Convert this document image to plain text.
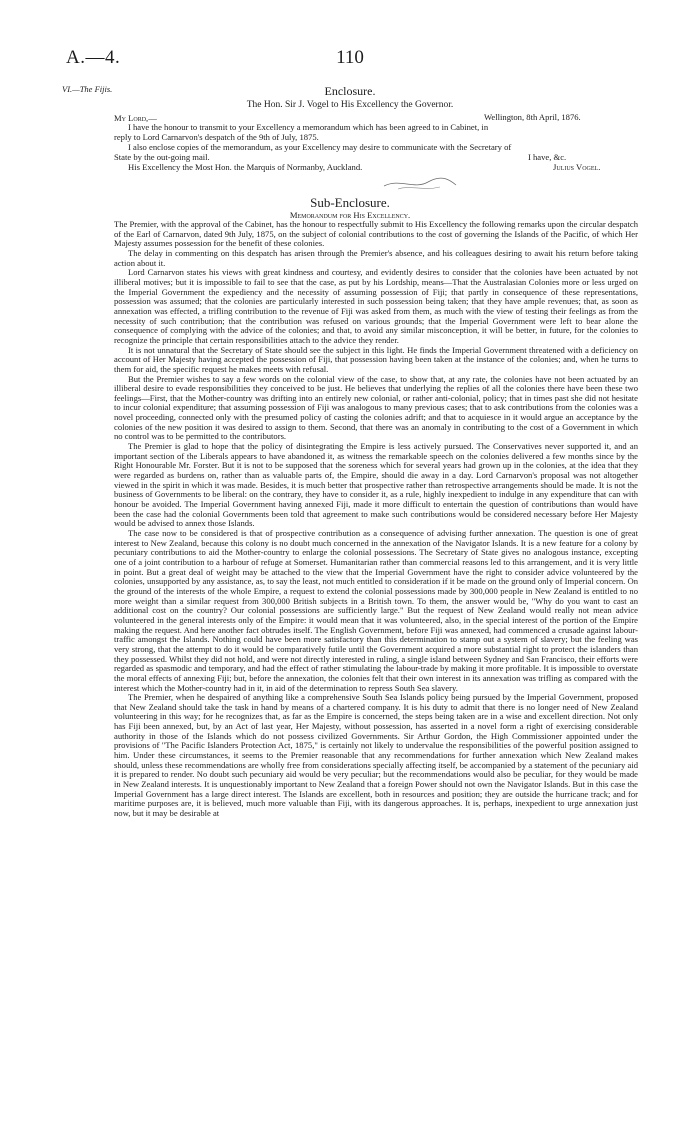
A.—4.	110
VI.—The Fijis.	Enclosure.
The Hon. Sir J. Vogel to His Excellency the Governor.
My Lord,—	Wellington, 8th April, 1876.
I have the honour to transmit to your Excellency a memorandum which has been agreed to in Cabinet, in
reply to Lord Carnarvon's despatch of the 9th of July, 1875.
I also enclose copies of the memorandum, as your Excellency may desire to communicate with the Secretary of
State by the out-going mail.	I have, &c.
His Excellency the Most Hon. the Marquis of Normanby, Auckland.	Julius Vogel.
Sub-Enclosure.
Memorandum for His Excellency.

The Premier, with the approval of the Cabinet, has the honour to respectfully submit to His Excellency the following remarks upon the circular despatch of the Earl of Carnarvon, dated 9th July, 1875, on the subject of colonial contributions to the cost of governing the Islands of the Pacific, of which Her Majesty assumes possession for the benefit of these colonies.

The delay in commenting on this despatch has arisen through the Premier's absence, and his colleagues desiring to await his return before taking action about it.

Lord Carnarvon states his views with great kindness and courtesy, and evidently desires to consider that the colonies have been actuated by not illiberal motives; but it is impossible to fail to see that the case, as put by his Lordship, means—That the Australasian Colonies more or less urged on the Imperial Government the expediency and the necessity of assuming possession of Fiji; that partly in consequence of these representations, possession was assumed; that the colonies are particularly interested in such possession being taken; that they have ample revenues; that, as soon as annexation was effected, a trifling contribution to the revenue of Fiji was asked from them, as much with the view of testing their feelings as from the necessity of such contribution; that the contribution was refused on various grounds; that the Imperial Government were left to bear alone the consequence of complying with the advice of the colonies; and that, to avoid any similar misconception, it will be better, in future, for the colonies to recognize the principle that certain responsibilities attach to the advice they render.

It is not unnatural that the Secretary of State should see the subject in this light. He finds the Imperial Government threatened with a deficiency on account of Her Majesty having accepted the possession of Fiji, that possession having been taken at the instance of the colonies; and, when he turns to them for aid, the specific request he makes meets with refusal.

But the Premier wishes to say a few words on the colonial view of the case, to show that, at any rate, the colonies have not been actuated by an illiberal desire to evade responsibilities they conceived to be just. He believes that underlying the replies of all the colonies there have been these two feelings—First, that the Mother-country was drifting into an entirely new colonial, or rather anti-colonial, policy; that in times past she did not hesitate to incur colonial expenditure; that assuming possession of Fiji was analogous to many previous cases; that to ask contributions from the colonies was a novel proceeding, connected only with the presumed policy of casting the colonies adrift; and that to acquiesce in it would argue an acceptance by the colonies of the new position it was desired to assign to them. Second, that there was an anomaly in contributing to the cost of a Government in which no control was to be permitted to the contributors.

The Premier is glad to hope that the policy of disintegrating the Empire is less actively pursued. The Conservatives never supported it, and an important section of the Liberals appears to have abandoned it, as witness the remarkable speech on the colonies delivered a few months since by the Right Honourable Mr. Forster. But it is not to be supposed that the soreness which for several years had grown up in the colonies, at the idea that they were regarded as burdens on, rather than as valuable parts of, the Empire, should die away in a day. Lord Carnarvon's proposal was not altogether viewed in the spirit in which it was made. Besides, it is much better that prospective rather than retrospective arrangements should be made. It is not the business of Governments to be liberal: on the contrary, they have to consider it, as a rule, highly inexpedient to indulge in any expenditure that can with honour be avoided. The Imperial Government having annexed Fiji, made it more difficult to entertain the question of contributions than would have been the case had the colonial Governments been told that agreement to make such contributions would be considered necessary before Her Majesty would be advised to annex those Islands.

The case now to be considered is that of prospective contribution as a consequence of advising further annexation. The question is one of great interest to New Zealand, because this colony is no doubt much concerned in the annexation of the Navigator Islands. It is a new feature for a colony by pecuniary contributions to aid the Mother-country to enlarge the colonial possessions. The Secretary of State gives no analogous instance, excepting one of a joint contribution to a harbour of refuge at Somerset. Humanitarian rather than commercial reasons led to this arrangement, and it is very little in point. But a great deal of weight may be attached to the view that the Imperial Government have the right to consider advice volunteered by the colonies, unsupported by any assistance, as, to say the least, not much entitled to consideration if it be made on the ground only of Imperial concern. On the ground of the interests of the whole Empire, a request to extend the colonial possessions made by 300,000 people in New Zealand is entitled to no more weight than a similar request from 300,000 British subjects in a British town. To them, the answer would be, "Why do you want to cast an additional cost on the country? Our colonial possessions are sufficiently large." But the request of New Zealand would really not mean advice volunteered in the general interests only of the Empire: it would mean that it was volunteered, also, in the special interest of the portion of the Empire making the request. And here another fact obtrudes itself. The English Government, before Fiji was annexed, had commenced a crusade against labour-traffic amongst the Islands. Nothing could have been more satisfactory than this determination to stamp out a system of slavery; but the feeling was very strong, that the attempt to do it would be comparatively futile until the Government acquired a more substantial right to protect the islanders than they possessed. Whilst they did not hold, and were not directly interested in ruling, a single island between Sydney and San Francisco, their efforts were regarded as spasmodic and temporary, and had the effect of rather stimulating the labour-trade by making it more profitable. It is impossible to overstate the moral effects of annexing Fiji; but, before the annexation, the colonies felt that their own interest in its annexation was trifling as compared with the interest which the Mother-country had in it, in aid of the determination to repress South Sea slavery.

The Premier, when he despaired of anything like a comprehensive South Sea Islands policy being pursued by the Imperial Government, proposed that New Zealand should take the task in hand by means of a chartered company. It is his duty to admit that there is no longer need of New Zealand volunteering in this way; for he recognizes that, as far as the Empire is concerned, the steps being taken are in a wise and excellent direction. Not only has Fiji been annexed, but, by an Act of last year, Her Majesty, without possession, has asserted in a novel form a right of exercising considerable authority in those of the Islands which do not possess civilized Governments. Sir Arthur Gordon, the High Commissioner appointed under the provisions of "The Pacific Islanders Protection Act, 1875," is certainly not likely to undervalue the responsibilities of the powerful position assigned to him. Under these circumstances, it seems to the Premier reasonable that any recommendations for further annexation which New Zealand makes should, unless these recommendations are wholly free from considerations specially affecting itself, be accompanied by a statement of the pecuniary aid it is prepared to render. No doubt such pecuniary aid would be very peculiar; but the recommendations would also be peculiar, for they would be made in New Zealand interests. It is unquestionably important to New Zealand that a foreign Power should not own the Navigator Islands. But in this case the Imperial Government has a large direct interest. The Islands are excellent, both in resources and position; they are outside the hurricane track; and for maritime purposes are, it is believed, much more valuable than Fiji, with its dangerous approaches. It is, perhaps, inexpedient to urge annexation just now, but it may be desirable at
